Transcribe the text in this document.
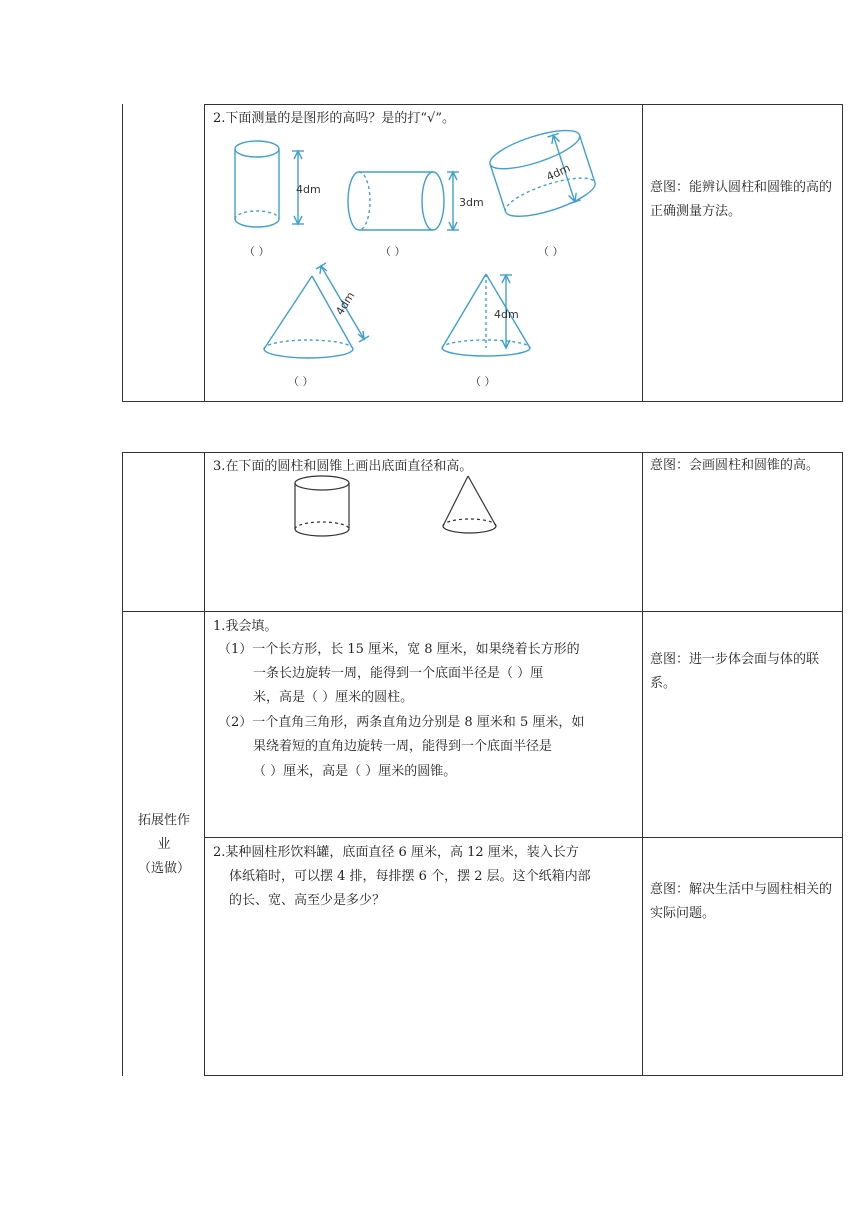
2.下面测量的是图形的高吗？是的打“√”。
4dm
（ ）
3dm
（ ）
4dm
（ ）
4dm
（ ）
4dm
（ ）
意图：能辨认圆柱和圆锥的高的正确测量方法。
3.在下面的圆柱和圆锥上画出底面直径和高。	意图：会画圆柱和圆锥的高。
拓展性作
业
（选做）
1.我会填。
（1）一个长方形，长 15 厘米，宽 8 厘米，如果绕着长方形的
一条长边旋转一周，能得到一个底面半径是（ ）厘
米，高是（ ）厘米的圆柱。
（2）一个直角三角形，两条直角边分别是 8 厘米和 5 厘米，如
果绕着短的直角边旋转一周，能得到一个底面半径是
（ ）厘米，高是（ ）厘米的圆锥。
意图：进一步体会面与体的联系。
2.某种圆柱形饮料罐，底面直径 6 厘米，高 12 厘米，装入长方
体纸箱时，可以摆 4 排，每排摆 6 个，摆 2 层。这个纸箱内部
的长、宽、高至少是多少？
意图：解决生活中与圆柱相关的实际问题。
